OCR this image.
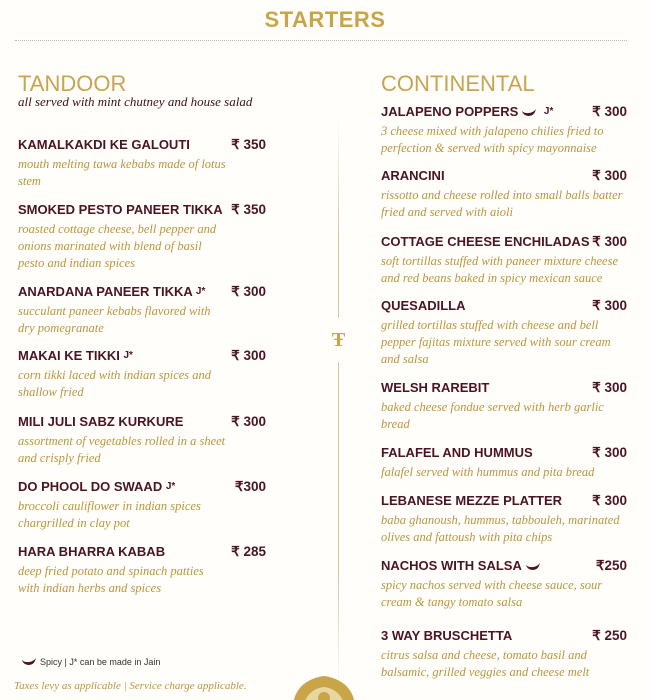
STARTERS
TANDOOR
all served with mint chutney and house salad
CONTINENTAL
KAMALKAKDI KE GALOUTI	₹ 350
mouth melting tawa kebabs made of lotus stem
SMOKED PESTO PANEER TIKKA ₹ 350
roasted cottage cheese, bell pepper and onions marinated with blend of basil pesto and indian spices
ANARDANA PANEER TIKKA J* ₹ 300
succulant paneer kebabs flavored with dry pomegranate
MAKAI KE TIKKI J*	₹ 300
corn tikki laced with indian spices and shallow fried
MILI JULI SABZ KURKURE	₹ 300
assortment of vegetables rolled in a sheet and crisply fried
DO PHOOL DO SWAAD J*	₹300
broccoli cauliflower in indian spices chargrilled in clay pot
HARA BHARRA KABAB	₹ 285
deep fried potato and spinach patties with indian herbs and spices
JALAPENO POPPERS	J*	₹ 300
3 cheese mixed with jalapeno chilies fried to perfection & served with spicy mayonnaise
ARANCINI	₹ 300
rissotto and cheese rolled into small balls batter fried and served with aioli
COTTAGE CHEESE ENCHILADAS ₹ 300
soft tortillas stuffed with paneer mixture cheese and red beans baked in spicy mexican sauce
QUESADILLA	₹ 300
grilled tortillas stuffed with cheese and bell pepper fajitas mixture served with sour cream and salsa
WELSH RAREBIT	₹ 300
baked cheese fondue served with herb garlic bread
FALAFEL AND HUMMUS	₹ 300
falafel served with hummus and pita bread
LEBANESE MEZZE PLATTER ₹ 300
baba ghanoush, hummus, tabbouleh, marinated olives and fattoush with pita chips
NACHOS WITH SALSA	₹250
spicy nachos served with cheese sauce, sour cream & tangy tomato salsa
3 WAY BRUSCHETTA	₹ 250
citrus salsa and cheese, tomato basil and balsamic, grilled veggies and cheese melt
Ŧ
Spicy | J* can be made in Jain
Taxes levy as applicable | Service charge applicable.
